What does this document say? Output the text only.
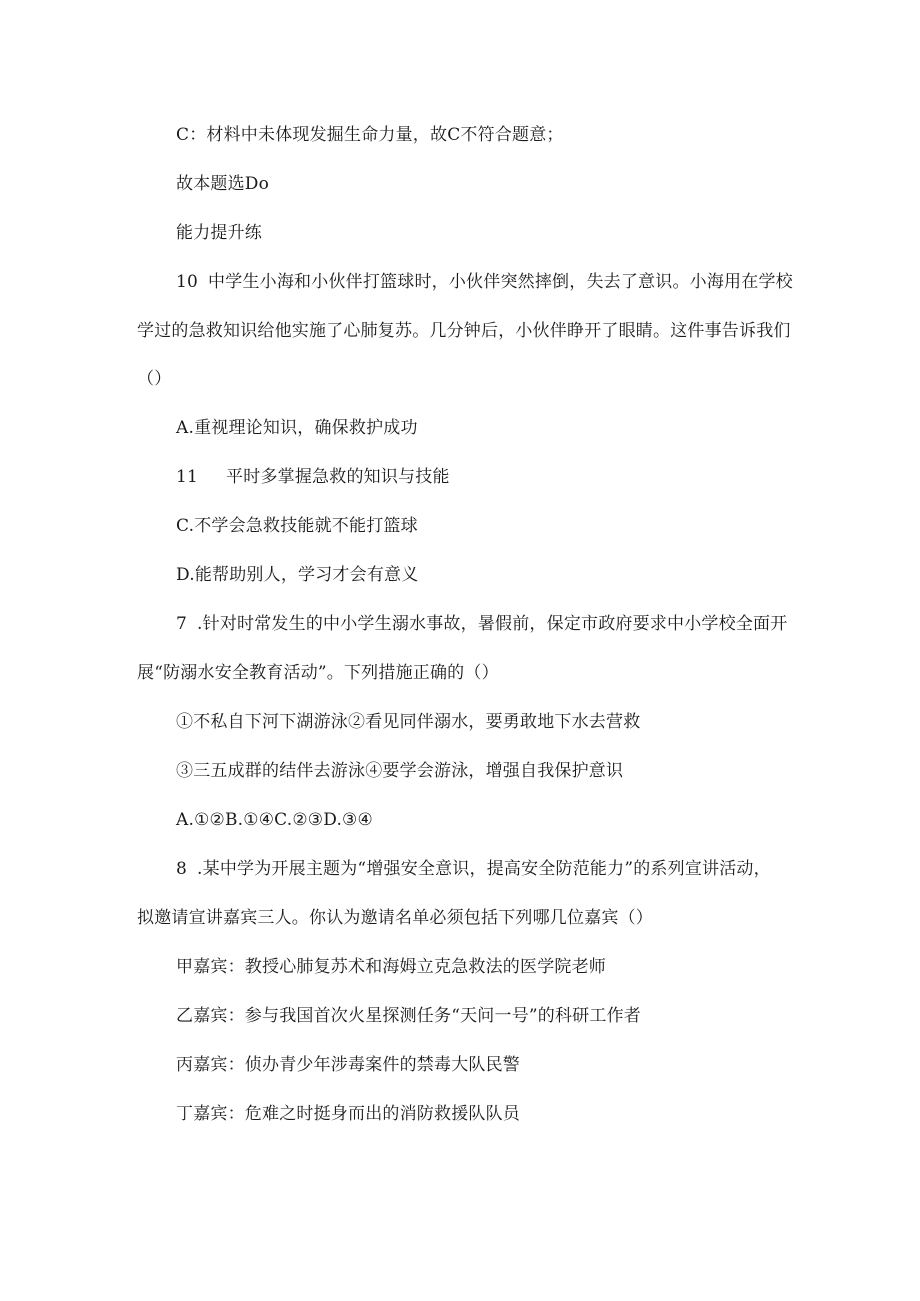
C：材料中未体现发掘生命力量，故C不符合题意；
故本题选Do
能力提升练
10 中学生小海和小伙伴打篮球时，小伙伴突然摔倒，失去了意识。小海用在学校
学过的急救知识给他实施了心肺复苏。几分钟后，小伙伴睁开了眼睛。这件事告诉我们
（）
A.重视理论知识，确保救护成功
11 平时多掌握急救的知识与技能
C.不学会急救技能就不能打篮球
D.能帮助别人，学习才会有意义
7 .针对时常发生的中小学生溺水事故，暑假前，保定市政府要求中小学校全面开
展“防溺水安全教育活动”。下列措施正确的（）
①不私自下河下湖游泳②看见同伴溺水，要勇敢地下水去营救
③三五成群的结伴去游泳④要学会游泳，增强自我保护意识
A.①②B.①④C.②③D.③④
8 .某中学为开展主题为“增强安全意识，提高安全防范能力”的系列宣讲活动，
拟邀请宣讲嘉宾三人。你认为邀请名单必须包括下列哪几位嘉宾（）
甲嘉宾：教授心肺复苏术和海姆立克急救法的医学院老师
乙嘉宾：参与我国首次火星探测任务“天问一号”的科研工作者
丙嘉宾：侦办青少年涉毒案件的禁毒大队民警
丁嘉宾：危难之时挺身而出的消防救援队队员
